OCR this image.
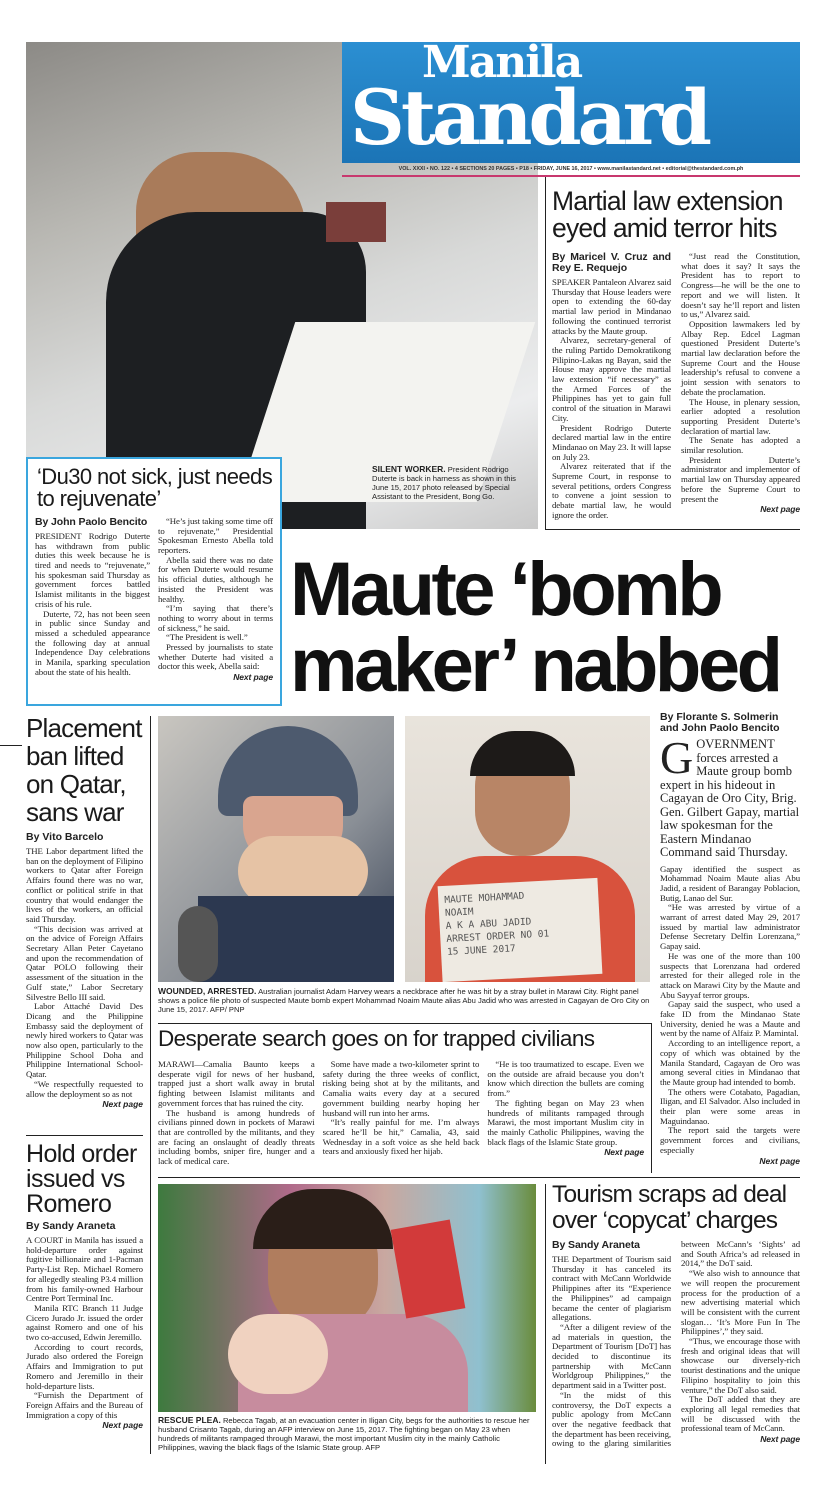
SILENT WORKER. President Rodrigo Duterte is back in harness as shown in this June 15, 2017 photo released by Special Assistant to the President, Bong Go.
Manila
Standard
VOL. XXXI • NO. 122 • 4 SECTIONS 20 PAGES • P18 • FRIDAY, JUNE 16, 2017 • www.manilastandard.net • editorial@thestandard.com.ph
Martial law extension eyed amid terror hits
By Maricel V. Cruz and Rey E. Requejo

SPEAKER Pantaleon Alvarez said Thursday that House leaders were open to extending the 60-day martial law period in Mindanao following the continued terrorist attacks by the Maute group.

Alvarez, secretary-general of the ruling Partido Demokratikong Pilipino-Lakas ng Bayan, said the House may approve the martial law extension “if necessary” as the Armed Forces of the Philippines has yet to gain full control of the situation in Marawi City.

President Rodrigo Duterte declared martial law in the entire Mindanao on May 23. It will lapse on July 23.

Alvarez reiterated that if the Supreme Court, in response to several petitions, orders Congress to convene a joint session to debate martial law, he would ignore the order.

“Just read the Constitution, what does it say? It says the President has to report to Congress—he will be the one to report and we will listen. It doesn’t say he’ll report and listen to us,” Alvarez said.

Opposition lawmakers led by Albay Rep. Edcel Lagman questioned President Duterte’s martial law declaration before the Supreme Court and the House leadership’s refusal to convene a joint session with senators to debate the proclamation.

The House, in plenary session, earlier adopted a resolution supporting President Duterte’s declaration of martial law.

The Senate has adopted a similar resolution.

President Duterte’s administrator and implementor of martial law on Thursday appeared before the Supreme Court to present the

Next page
‘Du30 not sick, just needs to rejuvenate’
By John Paolo Bencito

PRESIDENT Rodrigo Duterte has withdrawn from public duties this week because he is tired and needs to “rejuvenate,” his spokesman said Thursday as government forces battled Islamist militants in the biggest crisis of his rule.

Duterte, 72, has not been seen in public since Sunday and missed a scheduled appearance the following day at annual Independence Day celebrations in Manila, sparking speculation about the state of his health.

“He’s just taking some time off to rejuvenate,” Presidential Spokesman Ernesto Abella told reporters.

Abella said there was no date for when Duterte would resume his official duties, although he insisted the President was healthy.

“I’m saying that there’s nothing to worry about in terms of sickness,” he said.

“The President is well.”

Pressed by journalists to state whether Duterte had visited a doctor this week, Abella said:

Next page
Maute ‘bomb
maker’ nabbed
Placement ban lifted on Qatar, sans war
By Vito Barcelo

THE Labor department lifted the ban on the deployment of Filipino workers to Qatar after Foreign Affairs found there was no war, conflict or political strife in that country that would endanger the lives of the workers, an official said Thursday.

“This decision was arrived at on the advice of Foreign Affairs Secretary Allan Peter Cayetano and upon the recommendation of Qatar POLO following their assessment of the situation in the Gulf state,” Labor Secretary Silvestre Bello III said.

Labor Attaché David Des Dicang and the Philippine Embassy said the deployment of newly hired workers to Qatar was now also open, particularly to the Philippine School Doha and Philippine International School-Qatar.

“We respectfully requested to allow the deployment so as not

Next page
Hold order issued vs Romero
By Sandy Araneta

A COURT in Manila has issued a hold-departure order against fugitive billionaire and 1-Pacman Party-List Rep. Michael Romero for allegedly stealing P3.4 million from his family-owned Harbour Centre Port Terminal Inc.

Manila RTC Branch 11 Judge Cicero Jurado Jr. issued the order against Romero and one of his two co-accused, Edwin Jeremillo.

According to court records, Jurado also ordered the Foreign Affairs and Immigration to put Romero and Jeremillo in their hold-departure lists.

“Furnish the Department of Foreign Affairs and the Bureau of Immigration a copy of this

Next page
MAUTE MOHAMMAD
NOAIM
A K A ABU JADID
ARREST ORDER NO 01
15 JUNE 2017
WOUNDED, ARRESTED. Australian journalist Adam Harvey wears a neckbrace after he was hit by a stray bullet in Marawi City. Right panel shows a police file photo of suspected Maute bomb expert Mohammad Noaim Maute alias Abu Jadid who was arrested in Cagayan de Oro City on June 15, 2017. AFP/ PNP
Desperate search goes on for trapped civilians

MARAWI—Camalia Baunto keeps a desperate vigil for news of her husband, trapped just a short walk away in brutal fighting between Islamist militants and government forces that has ruined the city.

The husband is among hundreds of civilians pinned down in pockets of Marawi that are controlled by the militants, and they are facing an onslaught of deadly threats including bombs, sniper fire, hunger and a lack of medical care.

Some have made a two-kilometer sprint to safety during the three weeks of conflict, risking being shot at by the militants, and Camalia waits every day at a secured government building nearby hoping her husband will run into her arms.

“It’s really painful for me. I’m always scared he’ll be hit,” Camalia, 43, said Wednesday in a soft voice as she held back tears and anxiously fixed her hijab.

“He is too traumatized to escape. Even we on the outside are afraid because you don’t know which direction the bullets are coming from.”

The fighting began on May 23 when hundreds of militants rampaged through Marawi, the most important Muslim city in the mainly Catholic Philippines, waving the black flags of the Islamic State group.

Next page
By Florante S. Solmerin and John Paolo Bencito
G OVERNMENT forces arrested a Maute group bomb expert in his hideout in Cagayan de Oro City, Brig. Gen. Gilbert Gapay, martial law spokesman for the Eastern Mindanao Command said Thursday.

Gapay identified the suspect as Mohammad Noaim Maute alias Abu Jadid, a resident of Barangay Poblacion, Butig, Lanao del Sur.

“He was arrested by virtue of a warrant of arrest dated May 29, 2017 issued by martial law administrator Defense Secretary Delfin Lorenzana,” Gapay said.

He was one of the more than 100 suspects that Lorenzana had ordered arrested for their alleged role in the attack on Marawi City by the Maute and Abu Sayyaf terror groups.

Gapay said the suspect, who used a fake ID from the Mindanao State University, denied he was a Maute and went by the name of Alfaiz P. Mamintal.

According to an intelligence report, a copy of which was obtained by the Manila Standard, Cagayan de Oro was among several cities in Mindanao that the Maute group had intended to bomb.

The others were Cotabato, Pagadian, Iligan, and El Salvador. Also included in their plan were some areas in Maguindanao.

The report said the targets were government forces and civilians, especially

Next page
RESCUE PLEA. Rebecca Tagab, at an evacuation center in Iligan City, begs for the authorities to rescue her husband Crisanto Tagab, during an AFP interview on June 15, 2017. The fighting began on May 23 when hundreds of militants rampaged through Marawi, the most important Muslim city in the mainly Catholic Philippines, waving the black flags of the Islamic State group. AFP
Tourism scraps ad deal over ‘copycat’ charges
By Sandy Araneta

THE Department of Tourism said Thursday it has canceled its contract with McCann Worldwide Philippines after its “Experience the Philippines” ad campaign became the center of plagiarism allegations.

“After a diligent review of the ad materials in question, the Department of Tourism [DoT] has decided to discontinue its partnership with McCann Worldgroup Philippines,” the department said in a Twitter post.

“In the midst of this controversy, the DoT expects a public apology from McCann over the negative feedback that the department has been receiving, owing to the glaring similarities between McCann’s ‘Sights’ ad and South Africa’s ad released in 2014,” the DoT said.

“We also wish to announce that we will reopen the procurement process for the production of a new advertising material which will be consistent with the current slogan… ‘It’s More Fun In The Philippines’,” they said.

“Thus, we encourage those with fresh and original ideas that will showcase our diversely-rich tourist destinations and the unique Filipino hospitality to join this venture,” the DoT also said.

The DoT added that they are exploring all legal remedies that will be discussed with the professional team of McCann.

Next page
